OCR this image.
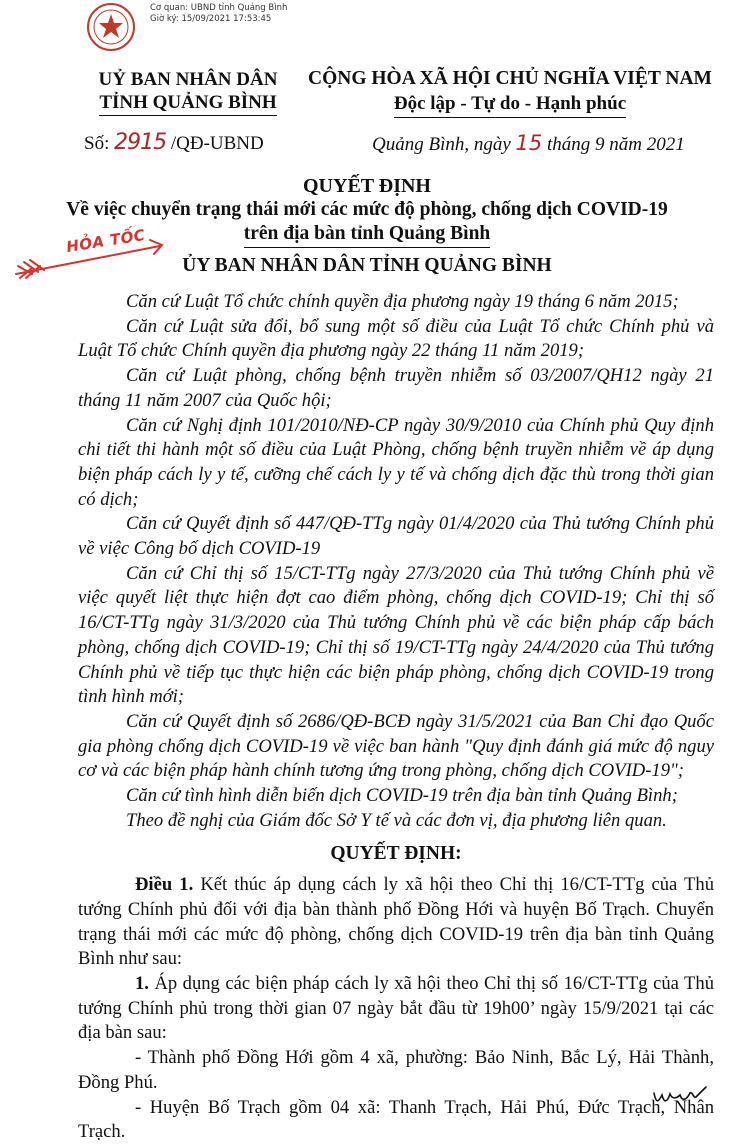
Cơ quan: UBND tỉnh Quảng Bình
Giờ ký: 15/09/2021 17:53:45
UỶ BAN NHÂN DÂN
TỈNH QUẢNG BÌNH
CỘNG HÒA XÃ HỘI CHỦ NGHĨA VIỆT NAM
Độc lập - Tự do - Hạnh phúc
Số: 2915 /QĐ-UBND	Quảng Bình, ngày 15 tháng 9 năm 2021
QUYẾT ĐỊNH
Về việc chuyển trạng thái mới các mức độ phòng, chống dịch COVID-19
trên địa bàn tỉnh Quảng Bình
HỎA TỐC
ỦY BAN NHÂN DÂN TỈNH QUẢNG BÌNH

Căn cứ Luật Tổ chức chính quyền địa phương ngày 19 tháng 6 năm 2015;

Căn cứ Luật sửa đổi, bổ sung một số điều của Luật Tổ chức Chính phủ và Luật Tổ chức Chính quyền địa phương ngày 22 tháng 11 năm 2019;

Căn cứ Luật phòng, chống bệnh truyền nhiễm số 03/2007/QH12 ngày 21 tháng 11 năm 2007 của Quốc hội;

Căn cứ Nghị định 101/2010/NĐ-CP ngày 30/9/2010 của Chính phủ Quy định chi tiết thi hành một số điều của Luật Phòng, chống bệnh truyền nhiễm về áp dụng biện pháp cách ly y tế, cưỡng chế cách ly y tế và chống dịch đặc thù trong thời gian có dịch;

Căn cứ Quyết định số 447/QĐ-TTg ngày 01/4/2020 của Thủ tướng Chính phủ về việc Công bố dịch COVID-19

Căn cứ Chỉ thị số 15/CT-TTg ngày 27/3/2020 của Thủ tướng Chính phủ về việc quyết liệt thực hiện đợt cao điểm phòng, chống dịch COVID-19; Chỉ thị số 16/CT-TTg ngày 31/3/2020 của Thủ tướng Chính phủ về các biện pháp cấp bách phòng, chống dịch COVID-19; Chỉ thị số 19/CT-TTg ngày 24/4/2020 của Thủ tướng Chính phủ về tiếp tục thực hiện các biện pháp phòng, chống dịch COVID-19 trong tình hình mới;

Căn cứ Quyết định số 2686/QĐ-BCĐ ngày 31/5/2021 của Ban Chỉ đạo Quốc gia phòng chống dịch COVID-19 về việc ban hành "Quy định đánh giá mức độ nguy cơ và các biện pháp hành chính tương ứng trong phòng, chống dịch COVID-19";

Căn cứ tình hình diễn biến dịch COVID-19 trên địa bàn tỉnh Quảng Bình;

Theo đề nghị của Giám đốc Sở Y tế và các đơn vị, địa phương liên quan.

QUYẾT ĐỊNH:

Điều 1. Kết thúc áp dụng cách ly xã hội theo Chỉ thị 16/CT-TTg của Thủ tướng Chính phủ đối với địa bàn thành phố Đồng Hới và huyện Bố Trạch. Chuyển trạng thái mới các mức độ phòng, chống dịch COVID-19 trên địa bàn tỉnh Quảng Bình như sau:

1. Áp dụng các biện pháp cách ly xã hội theo Chỉ thị số 16/CT-TTg của Thủ tướng Chính phủ trong thời gian 07 ngày bắt đầu từ 19h00’ ngày 15/9/2021 tại các địa bàn sau:

- Thành phố Đồng Hới gồm 4 xã, phường: Bảo Ninh, Bắc Lý, Hải Thành, Đồng Phú.

- Huyện Bố Trạch gồm 04 xã: Thanh Trạch, Hải Phú, Đức Trạch, Nhân Trạch.
